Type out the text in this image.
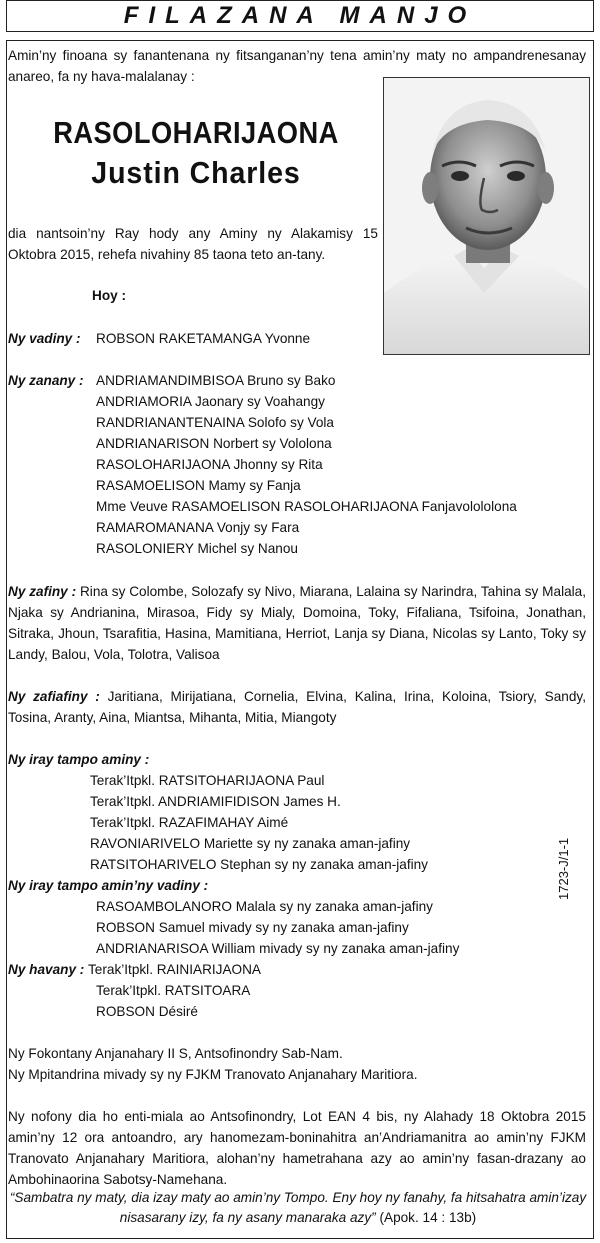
FILAZANA MANJO
Amin’ny finoana sy fanantenana ny fitsanganan’ny tena amin’ny maty no ampandrenesanay anareo, fa ny hava-malalanay :
RASOLOHARIJAONA
Justin Charles
dia nantsoin’ny Ray hody any Aminy ny Alakamisy 15 Oktobra 2015, rehefa nivahiny 85 taona teto an-tany.
Hoy :
Ny vadiny : ROBSON RAKETAMANGA Yvonne
Ny zanany : ANDRIAMANDIMBISOA Bruno sy Bako
ANDRIAMORIA Jaonary sy Voahangy
RANDRIANANTENAINA Solofo sy Vola
ANDRIANARISON Norbert sy Vololona
RASOLOHARIJAONA Jhonny sy Rita
RASAMOELISON Mamy sy Fanja
Mme Veuve RASAMOELISON RASOLOHARIJAONA Fanjavolololona
RAMAROMANANA Vonjy sy Fara
RASOLONIERY Michel sy Nanou
Ny zafiny : Rina sy Colombe, Solozafy sy Nivo, Miarana, Lalaina sy Narindra, Tahina sy Malala, Njaka sy Andrianina, Mirasoa, Fidy sy Mialy, Domoina, Toky, Fifaliana, Tsifoina, Jonathan, Sitraka, Jhoun, Tsarafitia, Hasina, Mamitiana, Herriot, Lanja sy Diana, Nicolas sy Lanto, Toky sy Landy, Balou, Vola, Tolotra, Valisoa
Ny zafiafiny : Jaritiana, Mirijatiana, Cornelia, Elvina, Kalina, Irina, Koloina, Tsiory, Sandy, Tosina, Aranty, Aina, Miantsa, Mihanta, Mitia, Miangoty
Ny iray tampo aminy :
Terak’Itpkl. RATSITOHARIJAONA Paul
Terak’Itpkl. ANDRIAMIFIDISON James H.
Terak’Itpkl. RAZAFIMAHAY Aimé
RAVONIARIVELO Mariette sy ny zanaka aman-jafiny
RATSITOHARIVELO Stephan sy ny zanaka aman-jafiny
Ny iray tampo amin’ny vadiny :
RASOAMBOLANORO Malala sy ny zanaka aman-jafiny
ROBSON Samuel mivady sy ny zanaka aman-jafiny
ANDRIANARISOA William mivady sy ny zanaka aman-jafiny
Ny havany : Terak’Itpkl. RAINIARIJAONA
Terak’Itpkl. RATSITOARA
ROBSON Désiré
Ny Fokontany Anjanahary II S, Antsofinondry Sab-Nam.
Ny Mpitandrina mivady sy ny FJKM Tranovato Anjanahary Maritiora.
Ny nofony dia ho enti-miala ao Antsofinondry, Lot EAN 4 bis, ny Alahady 18 Oktobra 2015 amin’ny 12 ora antoandro, ary hanomezam-boninahitra an’Andriamanitra ao amin’ny FJKM Tranovato Anjanahary Maritiora, alohan’ny hametrahana azy ao amin’ny fasan-drazany ao Ambohinaorina Sabotsy-Namehana.
“Sambatra ny maty, dia izay maty ao amin’ny Tompo. Eny hoy ny fanahy, fa hitsahatra amin’izay nisasarany izy, fa ny asany manaraka azy” (Apok. 14 : 13b)
1723-J/1-1
